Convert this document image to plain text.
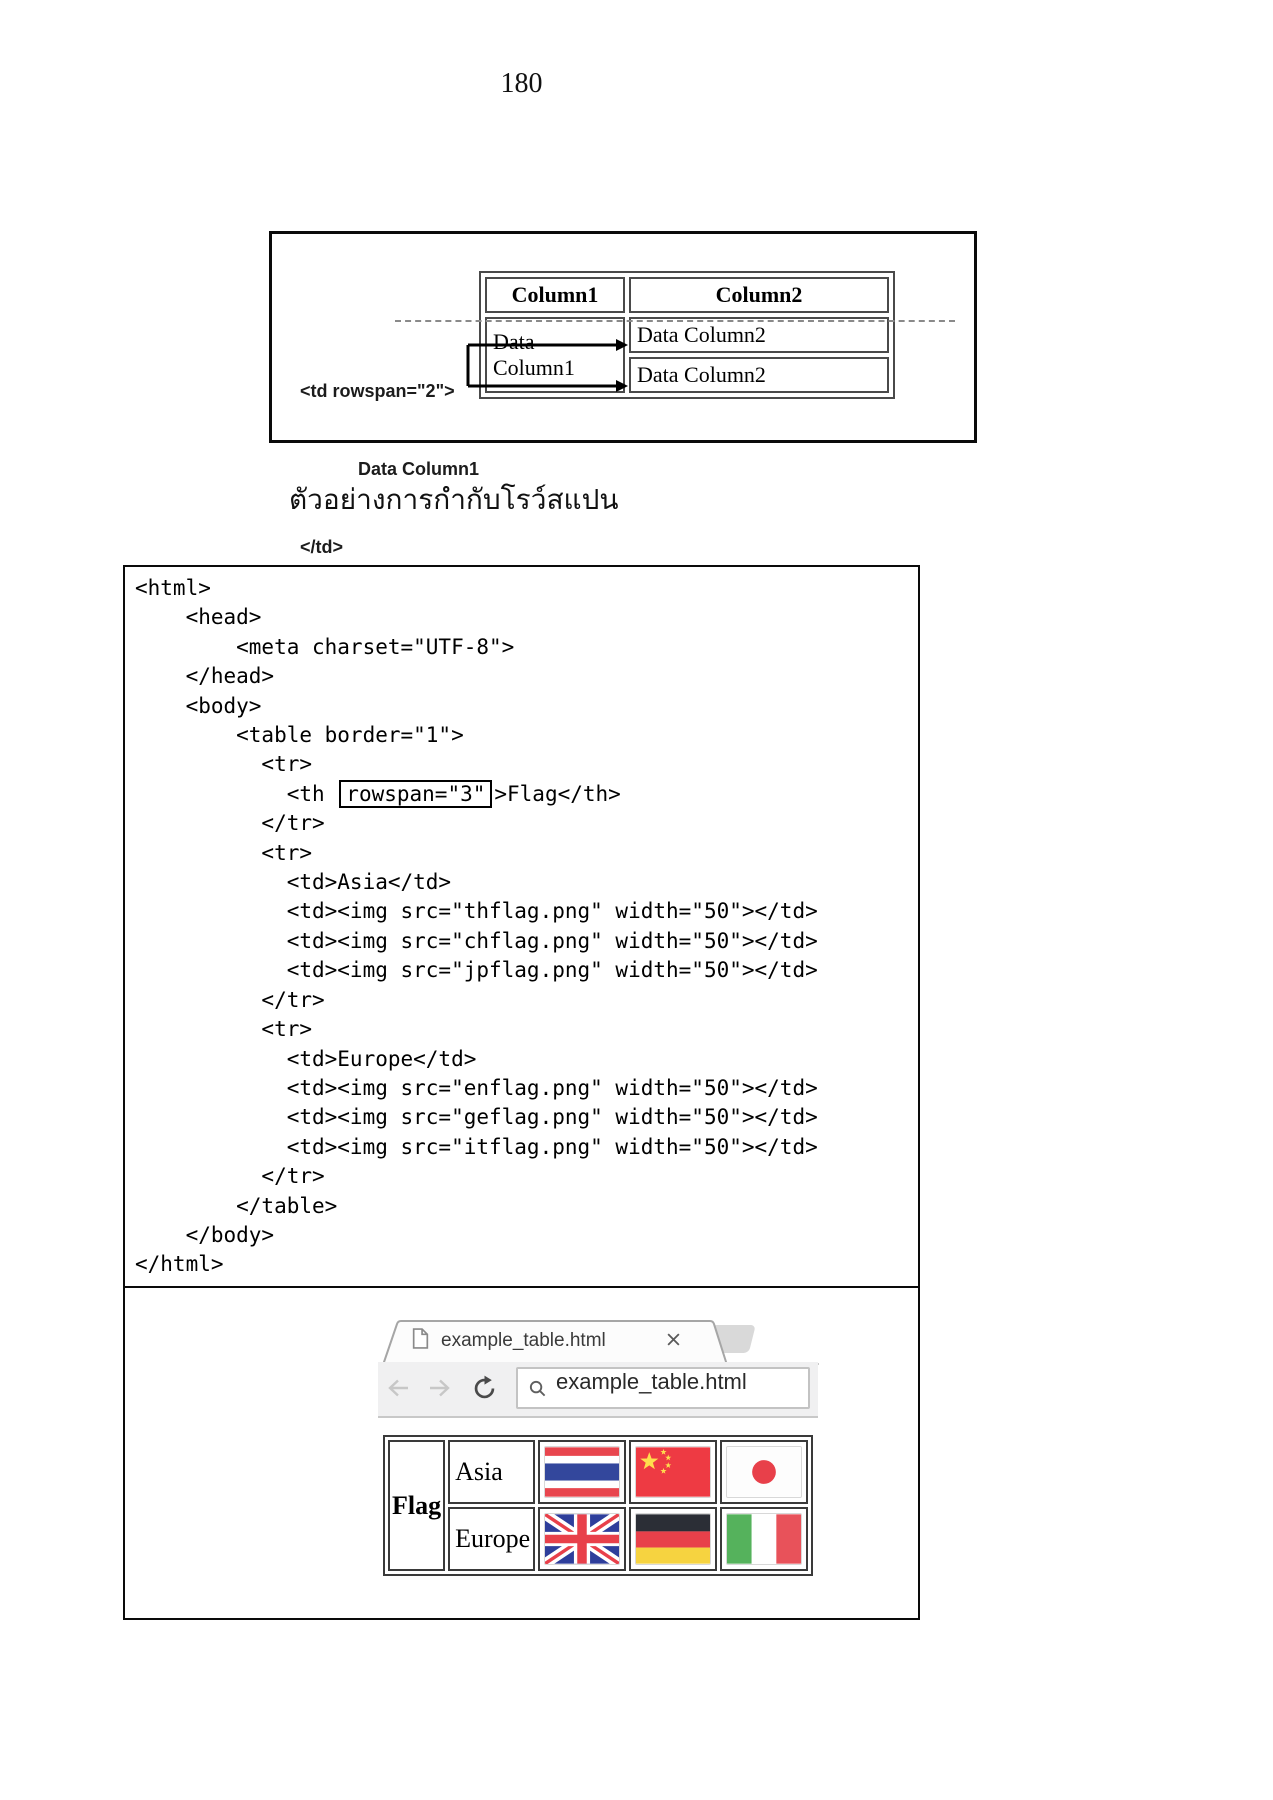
180
Column1	Column2
Data Column1	Data Column2
	Data Column2

<td rowspan="2">

Data Column1

</td>

ตัวอย่างการกำกับโรว์สแปน
<html>
<head>
<meta charset="UTF-8">
</head>
<body>
<table border="1">
<tr>
<th rowspan="3" >Flag</th>
</tr>
<tr>
<td>Asia</td>
<td><img src="thflag.png" width="50"></td>
<td><img src="chflag.png" width="50"></td>
<td><img src="jpflag.png" width="50"></td>
</tr>
<tr>
<td>Europe</td>
<td><img src="enflag.png" width="50"></td>
<td><img src="geflag.png" width="50"></td>
<td><img src="itflag.png" width="50"></td>
</tr>
</table>
</body>
</html>
example_table.html
example_table.html
Flag	Asia	

	Europe	
